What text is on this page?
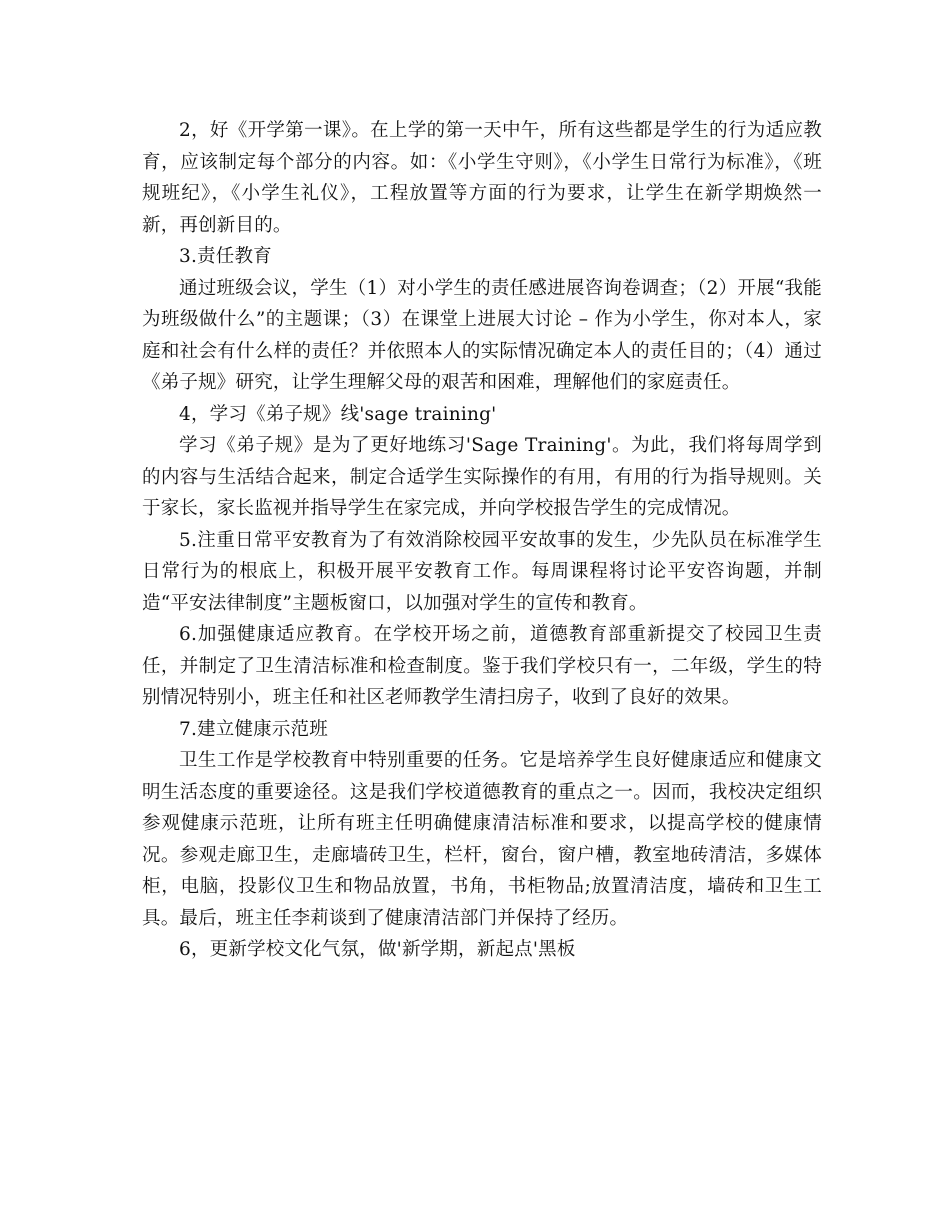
2，好《开学第一课》。在上学的第一天中午，所有这些都是学生的行为适应教育，应该制定每个部分的内容。如：《小学生守则》，《小学生日常行为标准》，《班规班纪》，《小学生礼仪》，工程放置等方面的行为要求，让学生在新学期焕然一新，再创新目的。

3.责任教育

通过班级会议，学生（1）对小学生的责任感进展咨询卷调查；（2）开展“我能为班级做什么”的主题课；（3）在课堂上进展大讨论 – 作为小学生，你对本人，家庭和社会有什么样的责任？并依照本人的实际情况确定本人的责任目的；（4）通过《弟子规》研究，让学生理解父母的艰苦和困难，理解他们的家庭责任。

4，学习《弟子规》线'sage training'

学习《弟子规》是为了更好地练习'Sage Training'。为此，我们将每周学到的内容与生活结合起来，制定合适学生实际操作的有用，有用的行为指导规则。关于家长，家长监视并指导学生在家完成，并向学校报告学生的完成情况。

5.注重日常平安教育为了有效消除校园平安故事的发生，少先队员在标准学生日常行为的根底上，积极开展平安教育工作。每周课程将讨论平安咨询题，并制造“平安法律制度”主题板窗口，以加强对学生的宣传和教育。

6.加强健康适应教育。在学校开场之前，道德教育部重新提交了校园卫生责任，并制定了卫生清洁标准和检查制度。鉴于我们学校只有一，二年级，学生的特别情况特别小，班主任和社区老师教学生清扫房子，收到了良好的效果。

7.建立健康示范班

卫生工作是学校教育中特别重要的任务。它是培养学生良好健康适应和健康文明生活态度的重要途径。这是我们学校道德教育的重点之一。因而，我校决定组织参观健康示范班，让所有班主任明确健康清洁标准和要求，以提高学校的健康情况。参观走廊卫生，走廊墙砖卫生，栏杆，窗台，窗户槽，教室地砖清洁，多媒体柜，电脑，投影仪卫生和物品放置，书角，书柜物品;放置清洁度，墙砖和卫生工具。最后，班主任李莉谈到了健康清洁部门并保持了经历。

6，更新学校文化气氛，做'新学期，新起点'黑板
